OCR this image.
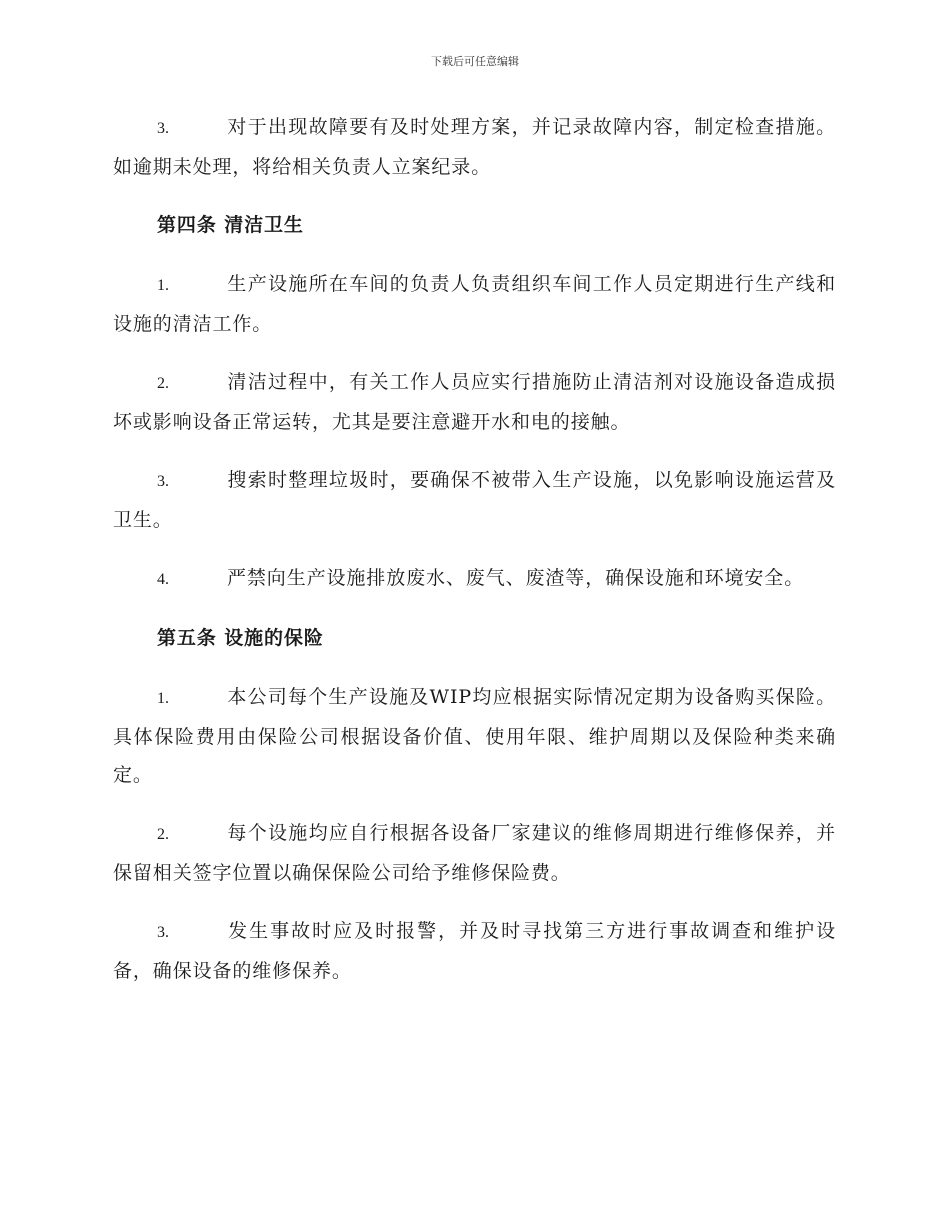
下载后可任意编辑
3.	对于出现故障要有及时处理方案，并记录故障内容，制定检查措施。如逾期未处理，将给相关负责人立案纪录。
第四条 清洁卫生
1.	生产设施所在车间的负责人负责组织车间工作人员定期进行生产线和设施的清洁工作。
2.	清洁过程中，有关工作人员应实行措施防止清洁剂对设施设备造成损坏或影响设备正常运转，尤其是要注意避开水和电的接触。
3.	搜索时整理垃圾时，要确保不被带入生产设施，以免影响设施运营及卫生。
4.	严禁向生产设施排放废水、废气、废渣等，确保设施和环境安全。
第五条 设施的保险
1.	本公司每个生产设施及WIP均应根据实际情况定期为设备购买保险。具体保险费用由保险公司根据设备价值、使用年限、维护周期以及保险种类来确定。
2.	每个设施均应自行根据各设备厂家建议的维修周期进行维修保养，并保留相关签字位置以确保保险公司给予维修保险费。
3.	发生事故时应及时报警，并及时寻找第三方进行事故调查和维护设备，确保设备的维修保养。
